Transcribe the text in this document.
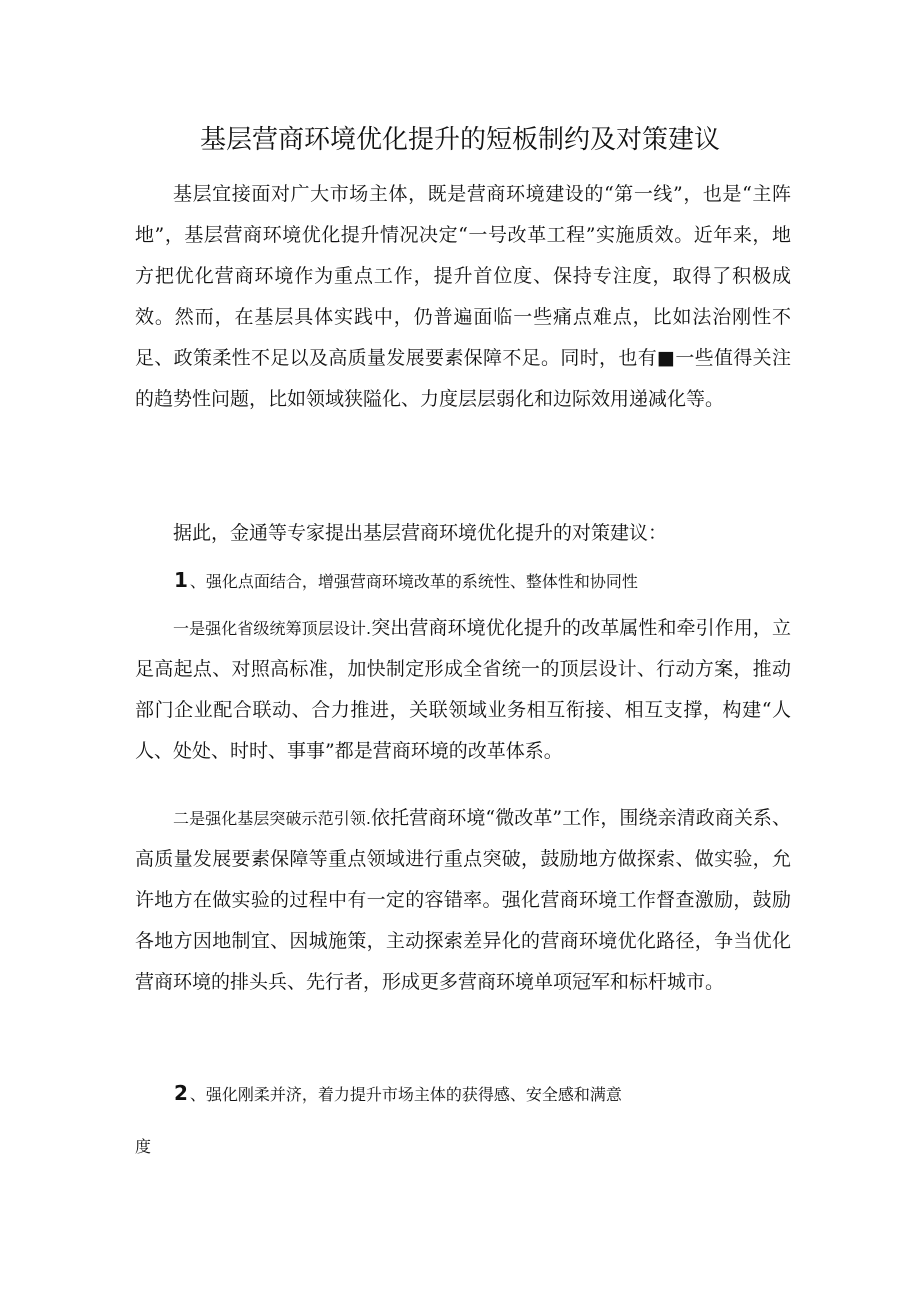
基层营商环境优化提升的短板制约及对策建议

基层宜接面对广大市场主体，既是营商环境建设的“第一线”，也是“主阵地”，基层营商环境优化提升情况决定“一号改革工程”实施质效。近年来，地方把优化营商环境作为重点工作，提升首位度、保持专注度，取得了积极成效。然而，在基层具体实践中，仍普遍面临一些痛点难点，比如法治刚性不足、政策柔性不足以及高质量发展要素保障不足。同时，也有■一些值得关注的趋势性问题，比如领域狭隘化、力度层层弱化和边际效用递减化等。

据此，金通等专家提出基层营商环境优化提升的对策建议：

1 、强化点面结合，增强营商环境改革的系统性、整体性和协同性

一是强化省级统筹顶层设计.突出营商环境优化提升的改革属性和牵引作用，立足高起点、对照高标准，加快制定形成全省统一的顶层设计、行动方案，推动部门企业配合联动、合力推进，关联领域业务相互衔接、相互支撑，构建“人人、处处、时时、事事”都是营商环境的改革体系。

二是强化基层突破示范引领.依托营商环境“微改革”工作，围绕亲清政商关系、高质量发展要素保障等重点领域进行重点突破，鼓励地方做探索、做实验，允许地方在做实验的过程中有一定的容错率。强化营商环境工作督查激励，鼓励各地方因地制宜、因城施策，主动探索差异化的营商环境优化路径，争当优化营商环境的排头兵、先行者，形成更多营商环境单项冠军和标杆城市。

2 、强化刚柔并济，着力提升市场主体的获得感、安全感和满意

度
